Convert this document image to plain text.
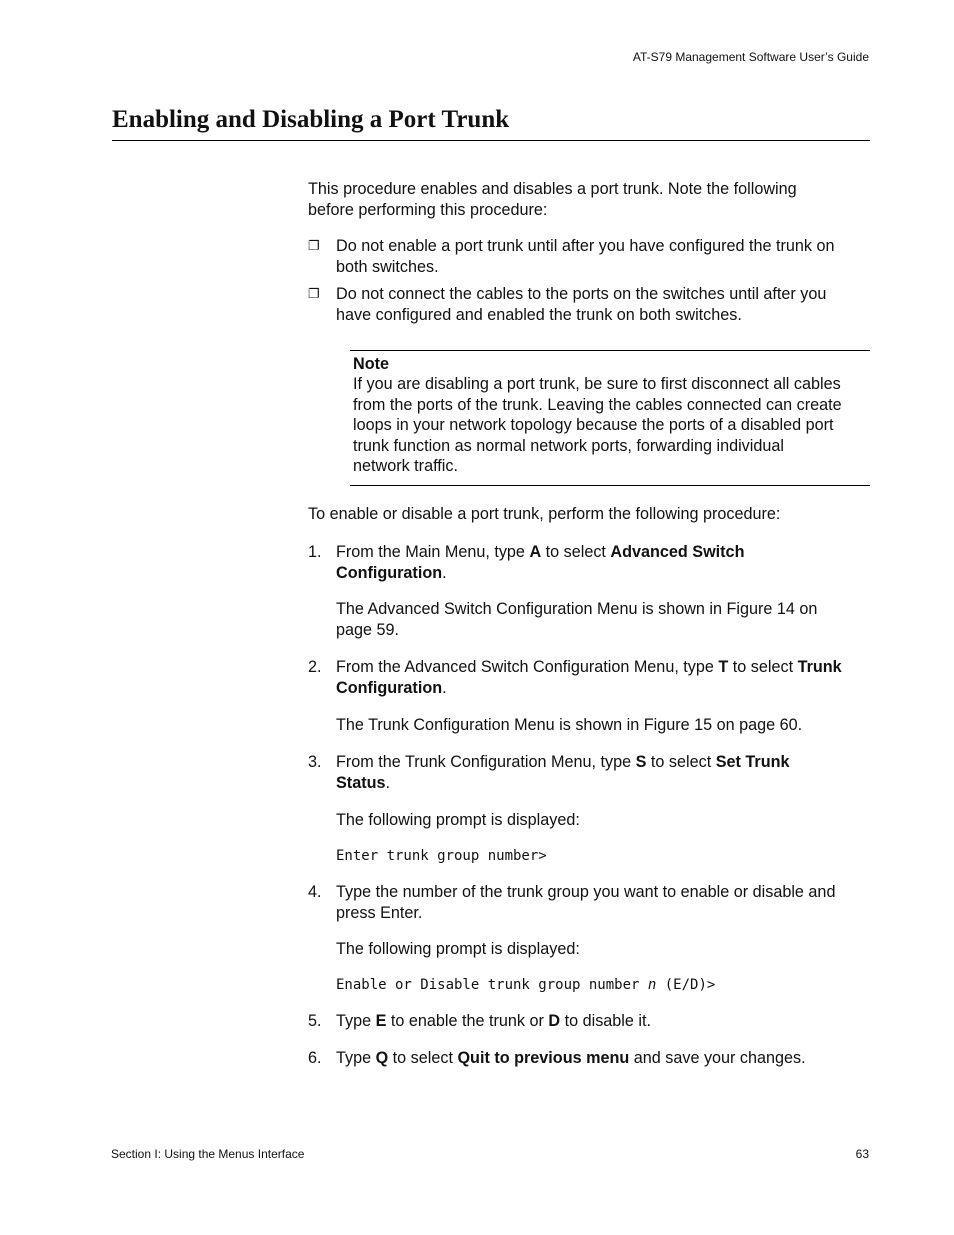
AT-S79 Management Software User’s Guide
Enabling and Disabling a Port Trunk
This procedure enables and disables a port trunk. Note the following
before performing this procedure:
❐ Do not enable a port trunk until after you have configured the trunk on
both switches.
❐ Do not connect the cables to the ports on the switches until after you
have configured and enabled the trunk on both switches.
Note
If you are disabling a port trunk, be sure to first disconnect all cables
from the ports of the trunk. Leaving the cables connected can create
loops in your network topology because the ports of a disabled port
trunk function as normal network ports, forwarding individual
network traffic.
To enable or disable a port trunk, perform the following procedure:
1. From the Main Menu, type A to select Advanced Switch
Configuration.
The Advanced Switch Configuration Menu is shown in Figure 14 on
page 59.
2. From the Advanced Switch Configuration Menu, type T to select Trunk
Configuration.
The Trunk Configuration Menu is shown in Figure 15 on page 60.
3. From the Trunk Configuration Menu, type S to select Set Trunk
Status.
The following prompt is displayed:
Enter trunk group number>
4. Type the number of the trunk group you want to enable or disable and
press Enter.
The following prompt is displayed:
Enable or Disable trunk group number n (E/D)>
5. Type E to enable the trunk or D to disable it.
6. Type Q to select Quit to previous menu and save your changes.
Section I: Using the Menus Interface	63
